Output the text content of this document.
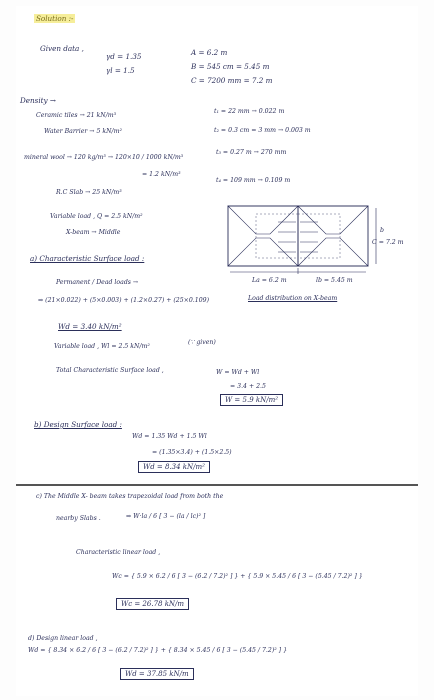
Solution :-
Given data ,
γd = 1.35
γl = 1.5
A = 6.2 m
B = 545 cm = 5.45 m
C = 7200 mm = 7.2 m
Density →
Ceramic tiles → 21 kN/m³
t₁ = 22 mm → 0.022 m
Water Barrier → 5 kN/m²	t₂ = 0.3 cm = 3 mm → 0.003 m
mineral wool → 120 kg/m³ → 120×10 / 1000 kN/m³
t₃ = 0.27 m → 270 mm
= 1.2 kN/m³
t₄ = 109 mm → 0.109 m
R.C Slab → 25 kN/m³
Variable load , Q = 2.5 kN/m²
X-beam → Middle	b
C = 7.2 m
La = 6.2 m	lb = 5.45 m
a) Characteristic Surface load :
Permanent / Dead loads →
⇒ (21×0.022) + (5×0.003) + (1.2×0.27) + (25×0.109)	Load distribution on X-beam
Wd = 3.40 kN/m²
Variable load , Wl = 2.5 kN/m²
(∵ given)
Total Characteristic Surface load ,	W = Wd + Wl
= 3.4 + 2.5
W = 5.9 kN/m²
b) Design Surface load :
Wd = 1.35 Wd + 1.5 Wl
= (1.35×3.4) + (1.5×2.5)
Wd = 8.34 kN/m²
c) The Middle X- beam takes trapezoidal load from both the
nearby Slabs .	⇒ W·la / 6 [ 3 − (la / lc)² ]
Characteristic linear load ,
Wc = { 5.9 × 6.2 / 6 [ 3 − (6.2 / 7.2)² ] } + { 5.9 × 5.45 / 6 [ 3 − (5.45 / 7.2)² ] }
Wc = 26.78 kN/m
d) Design linear load ,
Wd = { 8.34 × 6.2 / 6 [ 3 − (6.2 / 7.2)² ] } + { 8.34 × 5.45 / 6 [ 3 − (5.45 / 7.2)² ] }
Wd = 37.85 kN/m
